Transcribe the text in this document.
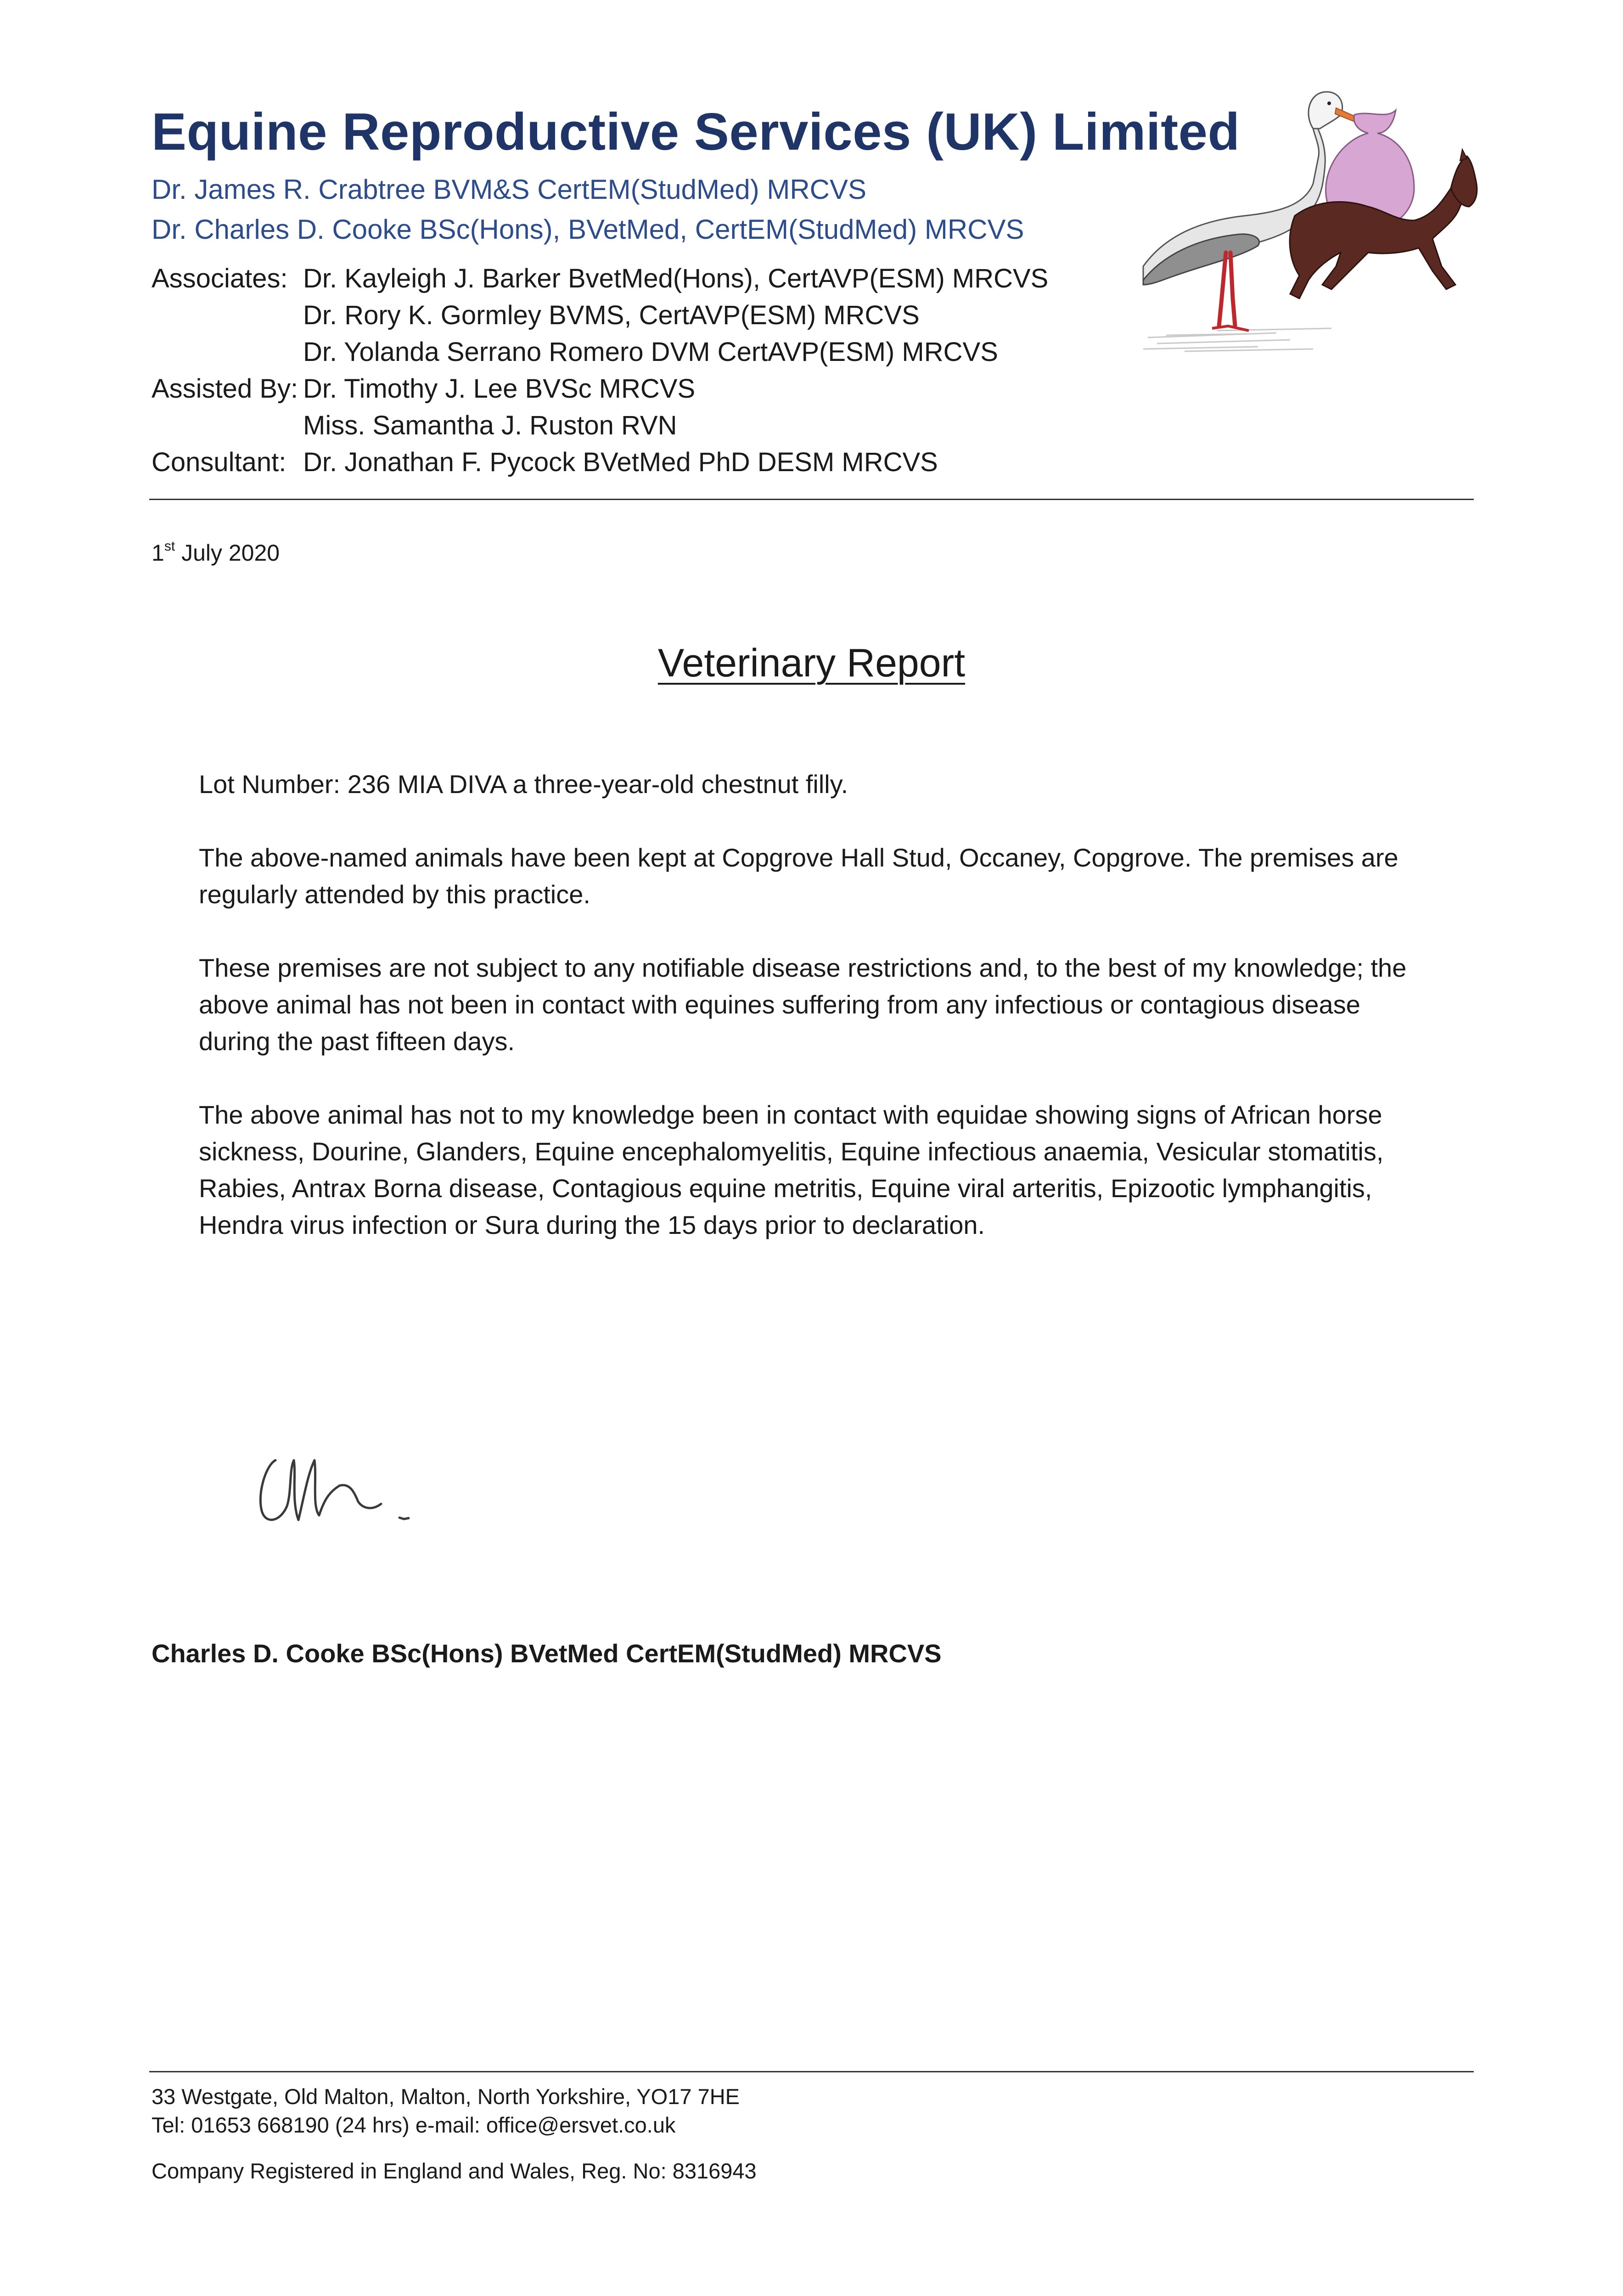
Equine Reproductive Services (UK) Limited
Dr. James R. Crabtree BVM&S CertEM(StudMed) MRCVS
Dr. Charles D. Cooke BSc(Hons), BVetMed, CertEM(StudMed) MRCVS
Associates: Dr. Kayleigh J. Barker BvetMed(Hons), CertAVP(ESM) MRCVS
Dr. Rory K. Gormley BVMS, CertAVP(ESM) MRCVS
Dr. Yolanda Serrano Romero DVM CertAVP(ESM) MRCVS
Assisted By: Dr. Timothy J. Lee BVSc MRCVS
Miss. Samantha J. Ruston RVN
Consultant: Dr. Jonathan F. Pycock BVetMed PhD DESM MRCVS
1st July 2020
Veterinary Report
Lot Number: 236 MIA DIVA a three-year-old chestnut filly.
The above-named animals have been kept at Copgrove Hall Stud, Occaney, Copgrove. The premises are regularly attended by this practice.
These premises are not subject to any notifiable disease restrictions and, to the best of my knowledge; the above animal has not been in contact with equines suffering from any infectious or contagious disease during the past fifteen days.
The above animal has not to my knowledge been in contact with equidae showing signs of African horse sickness, Dourine, Glanders, Equine encephalomyelitis, Equine infectious anaemia, Vesicular stomatitis, Rabies, Antrax Borna disease, Contagious equine metritis, Equine viral arteritis, Epizootic lymphangitis, Hendra virus infection or Sura during the 15 days prior to declaration.
Charles D. Cooke BSc(Hons) BVetMed CertEM(StudMed) MRCVS
33 Westgate, Old Malton, Malton, North Yorkshire, YO17 7HE
Tel: 01653 668190 (24 hrs) e-mail: office@ersvet.co.uk
Company Registered in England and Wales, Reg. No: 8316943
